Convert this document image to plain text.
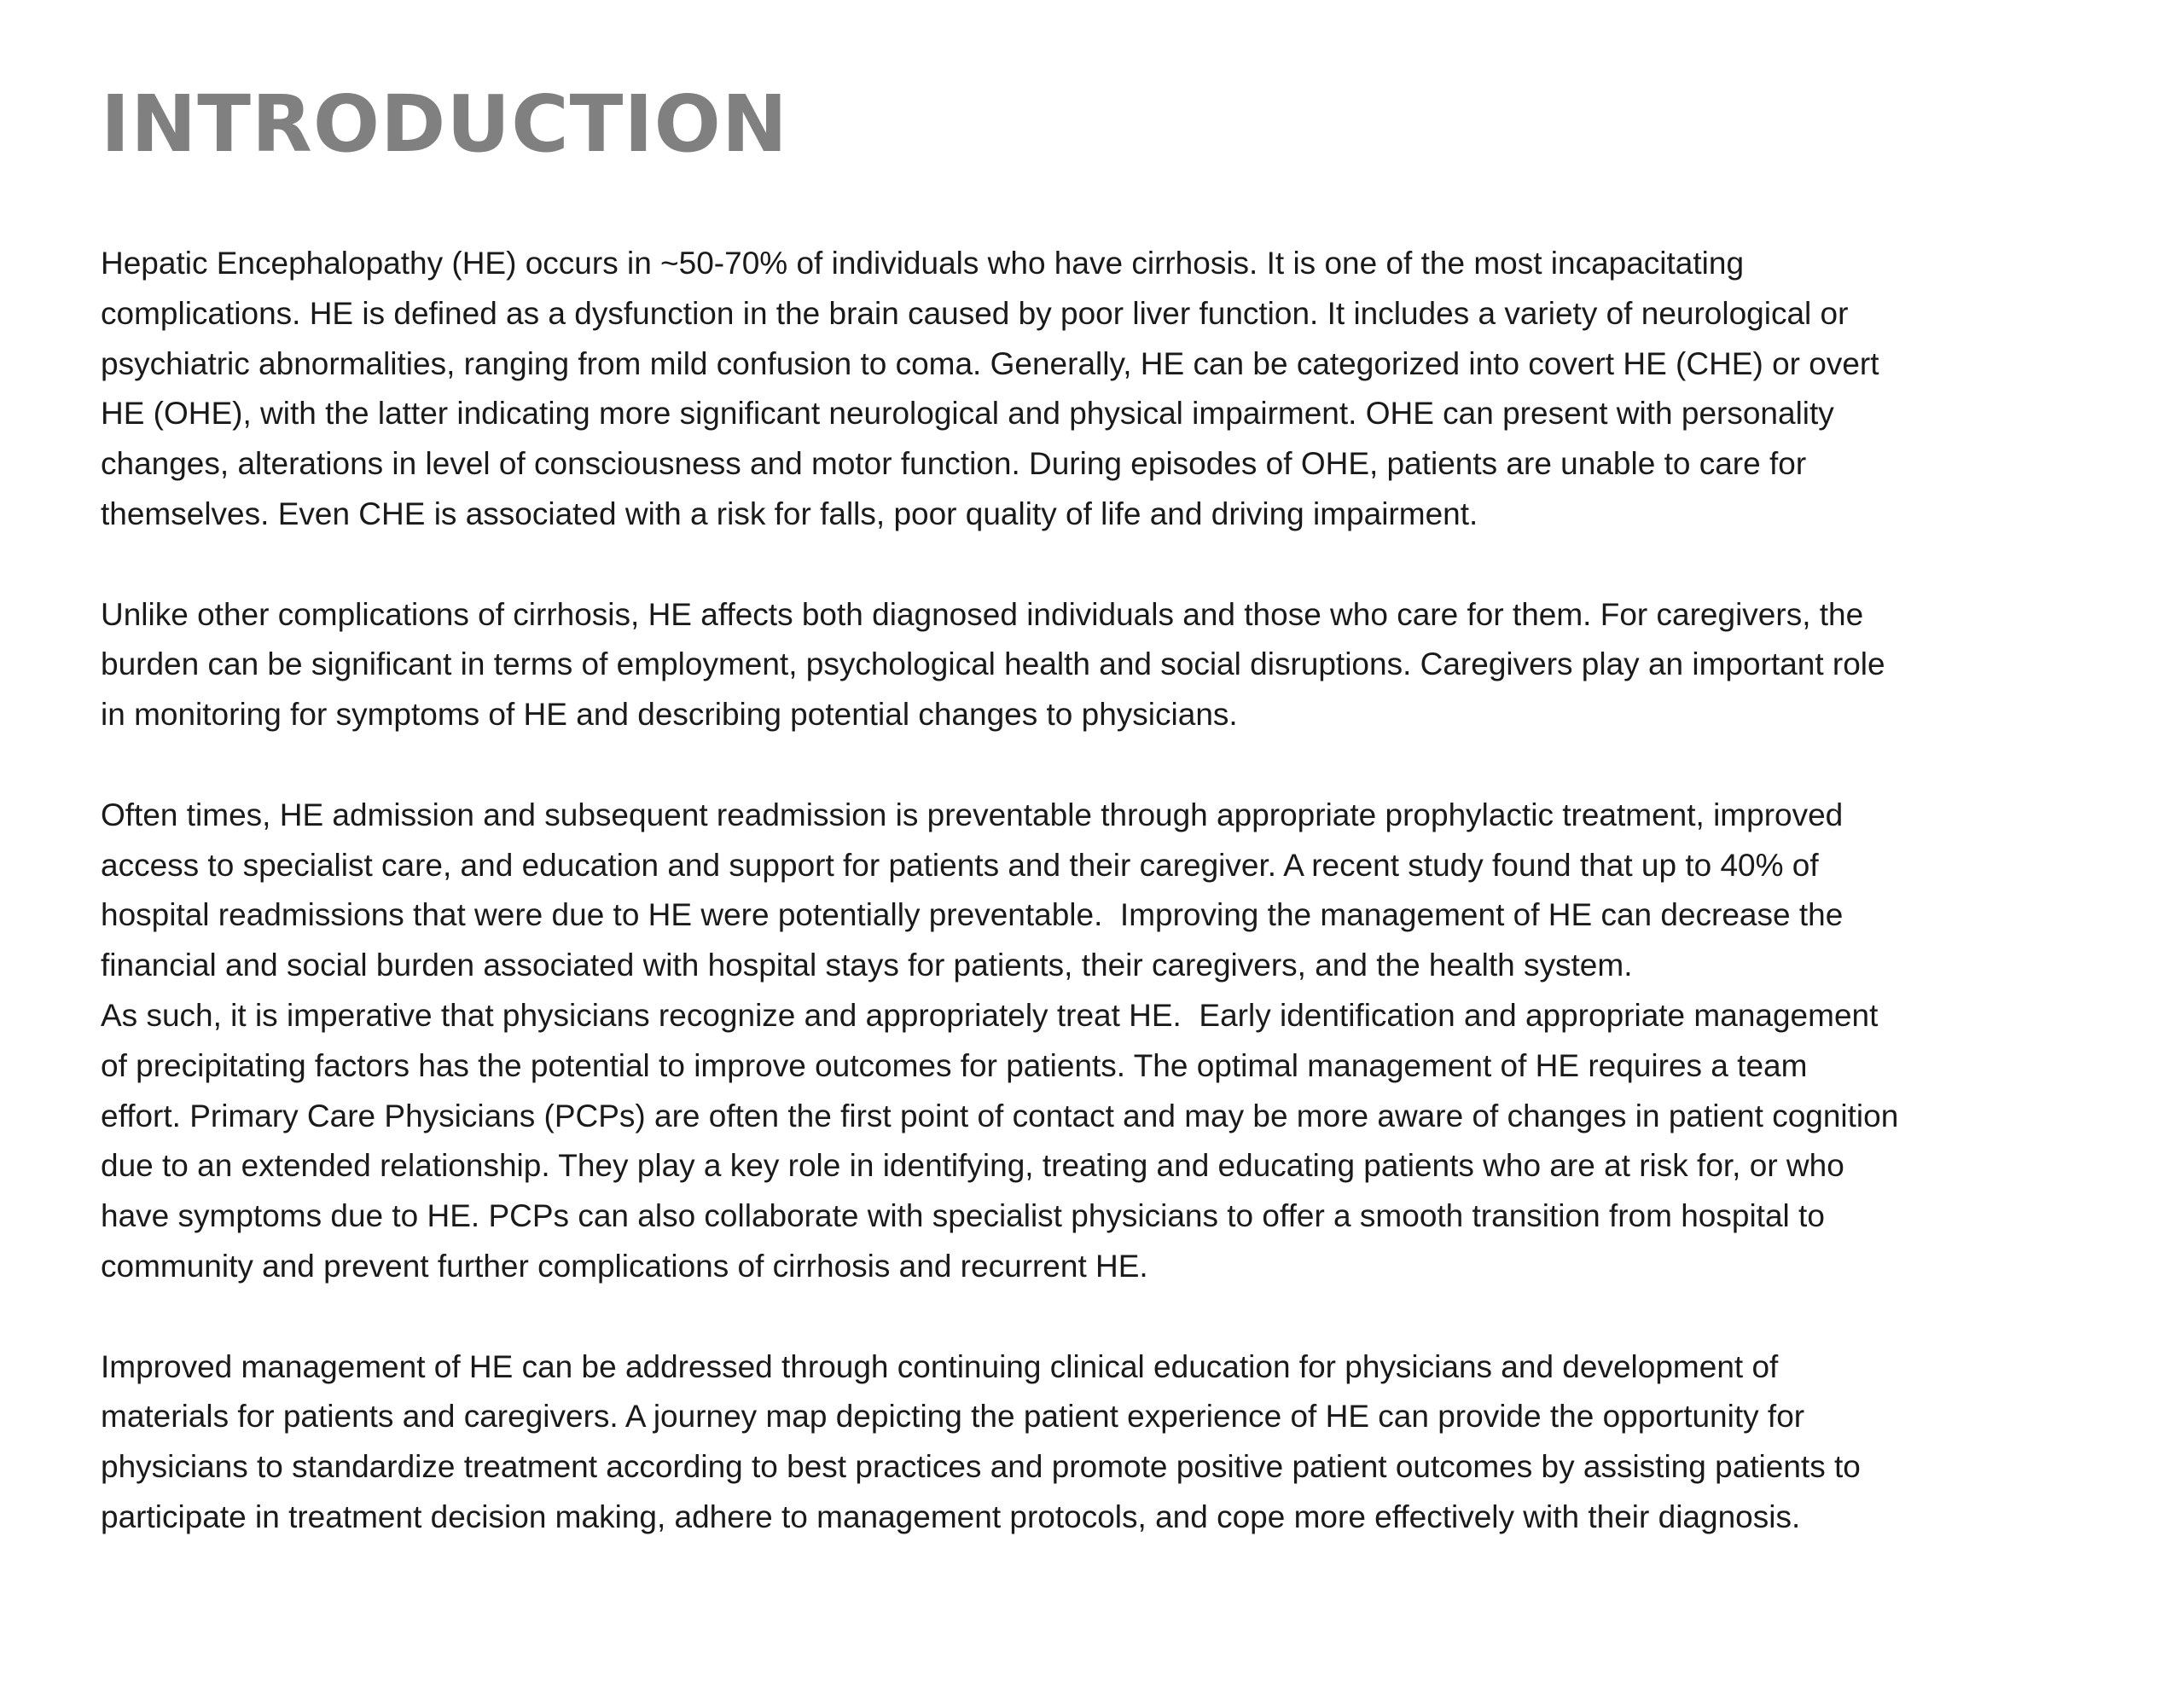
INTRODUCTION

Hepatic Encephalopathy (HE) occurs in ~50-70% of individuals who have cirrhosis. It is one of the most incapacitating
complications. HE is defined as a dysfunction in the brain caused by poor liver function. It includes a variety of neurological or
psychiatric abnormalities, ranging from mild confusion to coma. Generally, HE can be categorized into covert HE (CHE) or overt
HE (OHE), with the latter indicating more significant neurological and physical impairment. OHE can present with personality
changes, alterations in level of consciousness and motor function. During episodes of OHE, patients are unable to care for
themselves. Even CHE is associated with a risk for falls, poor quality of life and driving impairment.

Unlike other complications of cirrhosis, HE affects both diagnosed individuals and those who care for them. For caregivers, the
burden can be significant in terms of employment, psychological health and social disruptions. Caregivers play an important role
in monitoring for symptoms of HE and describing potential changes to physicians.

Often times, HE admission and subsequent readmission is preventable through appropriate prophylactic treatment, improved
access to specialist care, and education and support for patients and their caregiver. A recent study found that up to 40% of
hospital readmissions that were due to HE were potentially preventable.  Improving the management of HE can decrease the
financial and social burden associated with hospital stays for patients, their caregivers, and the health system.

As such, it is imperative that physicians recognize and appropriately treat HE.  Early identification and appropriate management
of precipitating factors has the potential to improve outcomes for patients. The optimal management of HE requires a team
effort. Primary Care Physicians (PCPs) are often the first point of contact and may be more aware of changes in patient cognition
due to an extended relationship. They play a key role in identifying, treating and educating patients who are at risk for, or who
have symptoms due to HE. PCPs can also collaborate with specialist physicians to offer a smooth transition from hospital to
community and prevent further complications of cirrhosis and recurrent HE.

Improved management of HE can be addressed through continuing clinical education for physicians and development of
materials for patients and caregivers. A journey map depicting the patient experience of HE can provide the opportunity for
physicians to standardize treatment according to best practices and promote positive patient outcomes by assisting patients to
participate in treatment decision making, adhere to management protocols, and cope more effectively with their diagnosis.
